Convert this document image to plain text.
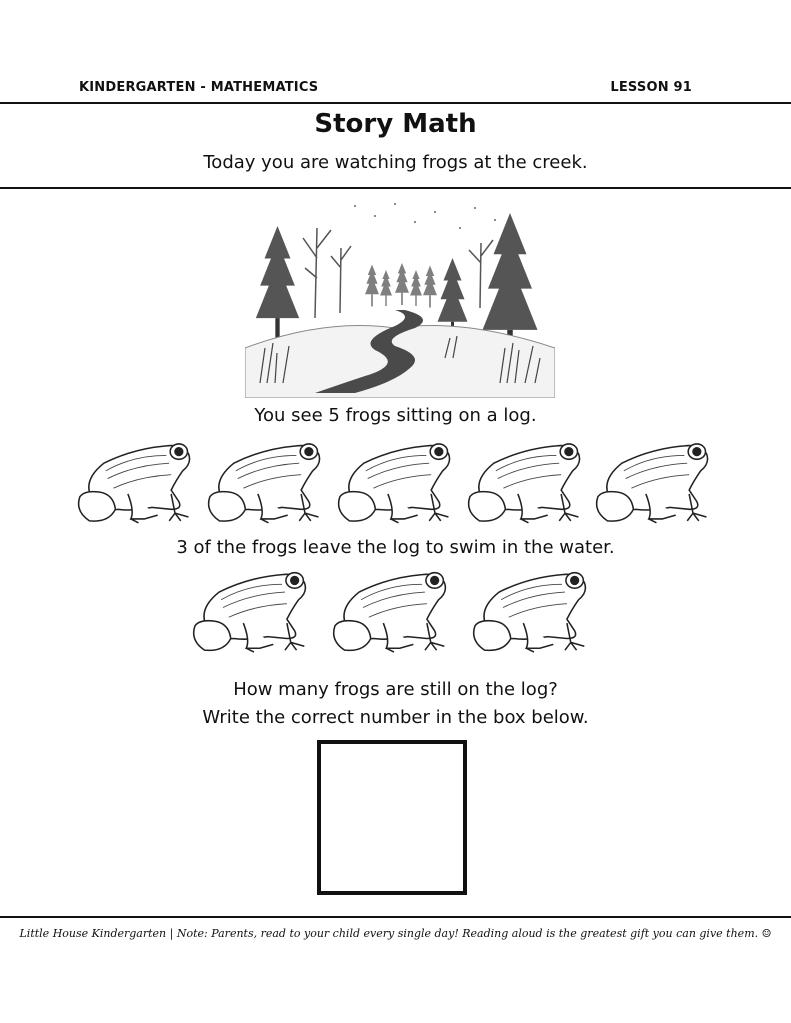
KINDERGARTEN - MATHEMATICS	LESSON 91
Story Math
Today you are watching frogs at the creek.
You see 5 frogs sitting on a log.
3 of the frogs leave the log to swim in the water.
How many frogs are still on the log?
Write the correct number in the box below.
Little House Kindergarten | Note: Parents, read to your child every single day! Reading aloud is the greatest gift you can give them. ☺
